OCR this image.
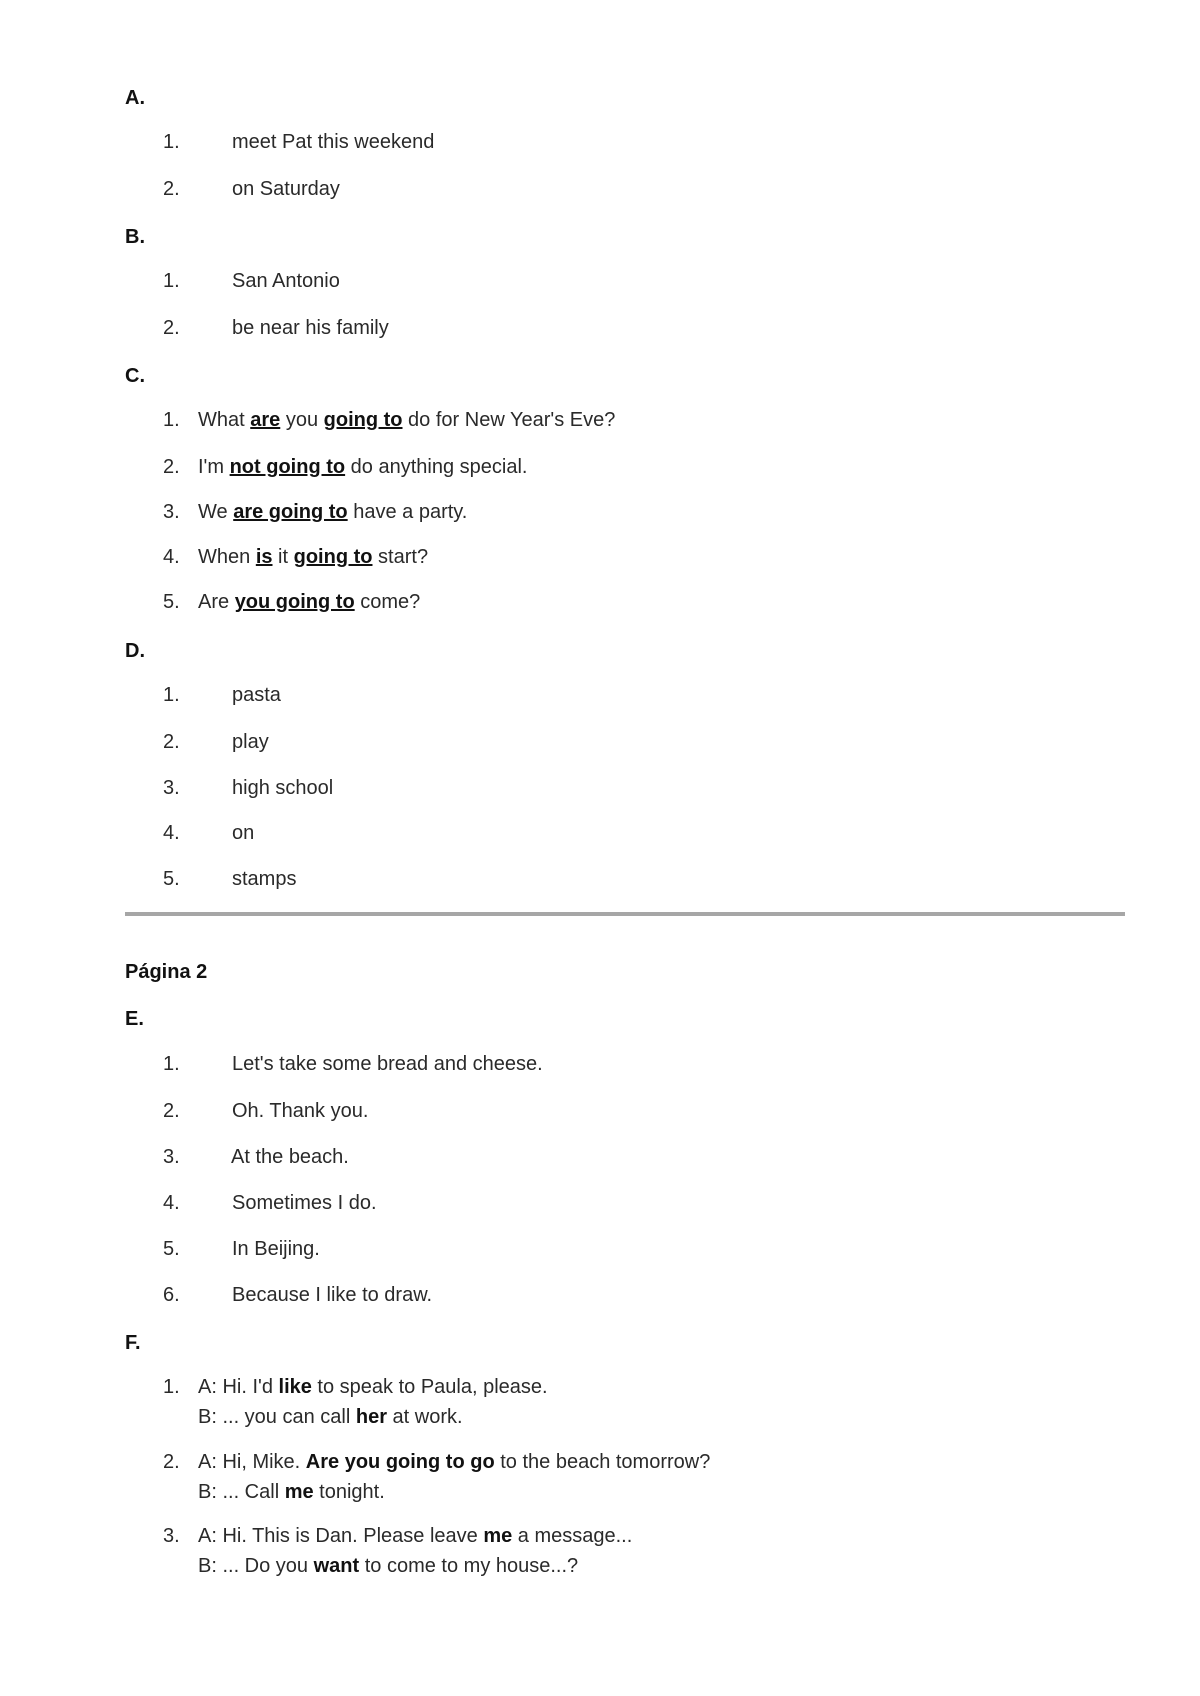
A.
1.	meet Pat this weekend
2.	on Saturday
B.
1.	San Antonio
2.	be near his family
C.
1. What are you going to do for New Year's Eve?
2. I'm not going to do anything special.
3. We are going to have a party.
4. When is it going to start?
5. Are you going to come?
D.
1.	pasta
2.	play
3.	high school
4.	on
5.	stamps
Página 2
E.
1.	Let's take some bread and cheese.
2.	Oh. Thank you.
3.	At the beach.
4.	Sometimes I do.
5.	In Beijing.
6.	Because I like to draw.
F.
1. A: Hi. I'd like to speak to Paula, please.
B: ... you can call her at work.
2. A: Hi, Mike. Are you going to go to the beach tomorrow?
B: ... Call me tonight.
3. A: Hi. This is Dan. Please leave me a message...
B: ... Do you want to come to my house...?
